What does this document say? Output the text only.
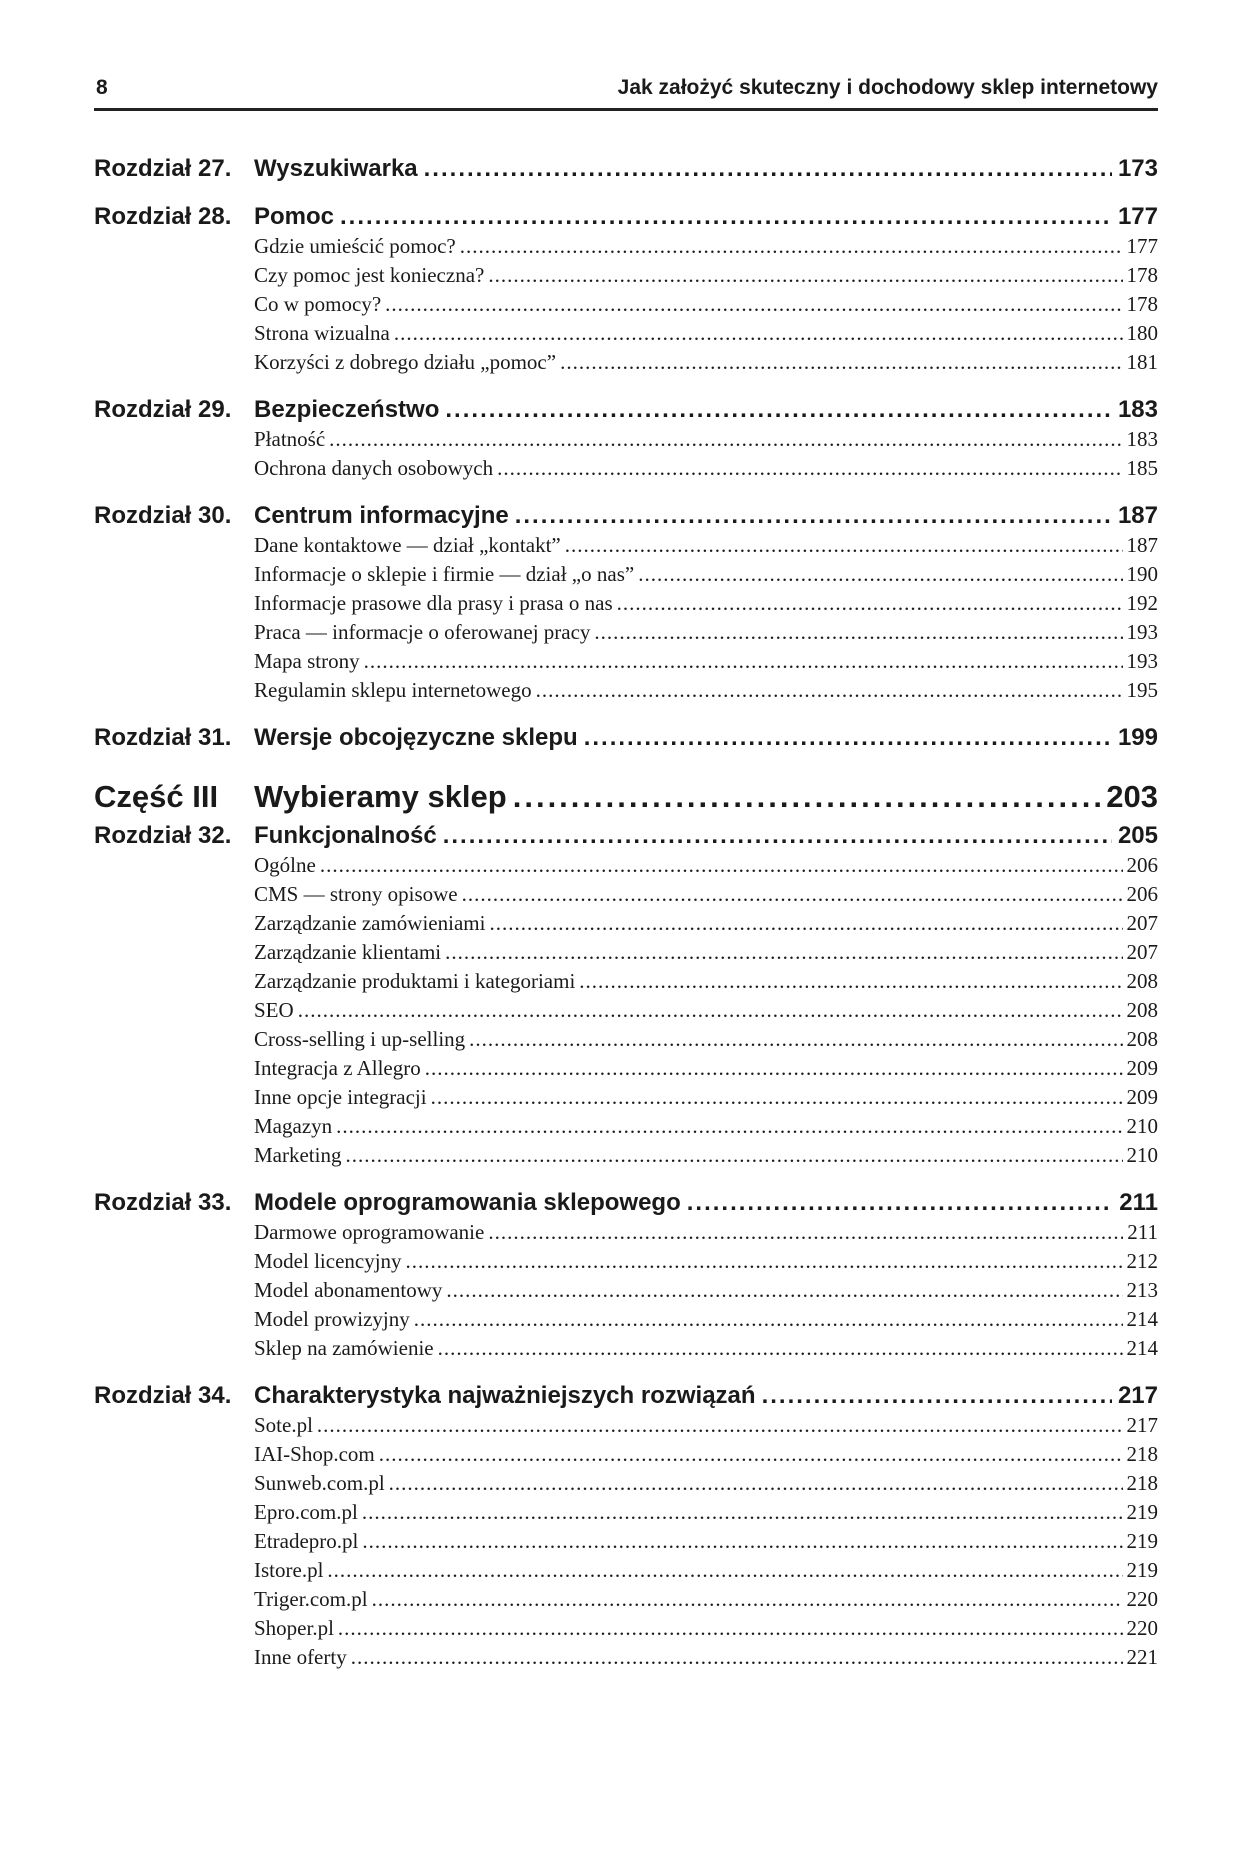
8	Jak założyć skuteczny i dochodowy sklep internetowy
Rozdział 27. Wyszukiwarka .....	173
Rozdział 28. Pomoc .....	177
Gdzie umieścić pomoc? .....	177
Czy pomoc jest konieczna? .....	178
Co w pomocy? .....	178
Strona wizualna .....	180
Korzyści z dobrego działu „pomoc” .....	181
Rozdział 29. Bezpieczeństwo .....	183
Płatność .....	183
Ochrona danych osobowych .....	185
Rozdział 30. Centrum informacyjne .....	187
Dane kontaktowe — dział „kontakt” .....	187
Informacje o sklepie i firmie — dział „o nas” .....	190
Informacje prasowe dla prasy i prasa o nas .....	192
Praca — informacje o oferowanej pracy .....	193
Mapa strony .....	193
Regulamin sklepu internetowego .....	195
Rozdział 31. Wersje obcojęzyczne sklepu .....	199
Część III	Wybieramy sklep .....	203
Rozdział 32. Funkcjonalność .....	205
Ogólne .....	206
CMS — strony opisowe .....	206
Zarządzanie zamówieniami .....	207
Zarządzanie klientami .....	207
Zarządzanie produktami i kategoriami .....	208
SEO .....	208
Cross-selling i up-selling .....	208
Integracja z Allegro .....	209
Inne opcje integracji .....	209
Magazyn .....	210
Marketing .....	210
Rozdział 33. Modele oprogramowania sklepowego .....	211
Darmowe oprogramowanie .....	211
Model licencyjny .....	212
Model abonamentowy .....	213
Model prowizyjny .....	214
Sklep na zamówienie .....	214
Rozdział 34. Charakterystyka najważniejszych rozwiązań .....	217
Sote.pl .....	217
IAI-Shop.com .....	218
Sunweb.com.pl .....	218
Epro.com.pl .....	219
Etradepro.pl .....	219
Istore.pl .....	219
Triger.com.pl .....	220
Shoper.pl .....	220
Inne oferty .....	221
